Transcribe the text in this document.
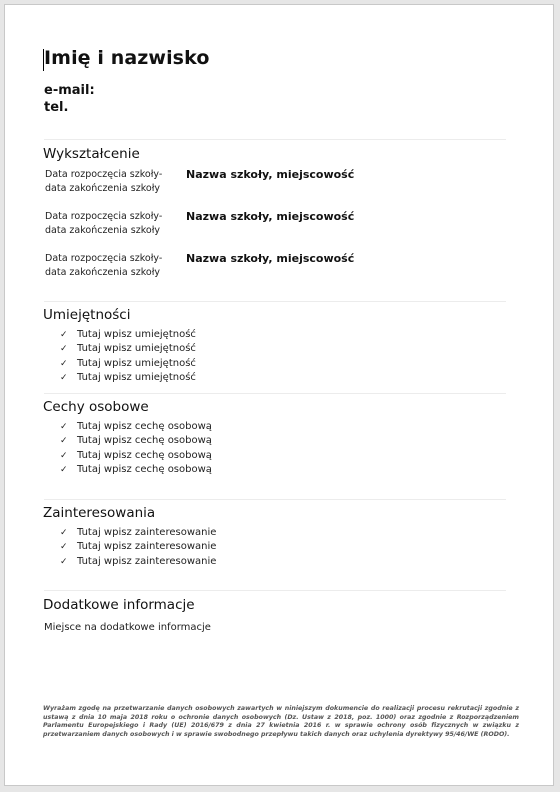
Imię i nazwisko
e-mail:
tel.
Wykształcenie
Data rozpoczęcia szkoły-
data zakończenia szkoły
Nazwa szkoły, miejscowość
Data rozpoczęcia szkoły-
data zakończenia szkoły
Nazwa szkoły, miejscowość
Data rozpoczęcia szkoły-
data zakończenia szkoły
Nazwa szkoły, miejscowość
Umiejętności
✓ Tutaj wpisz umiejętność
✓ Tutaj wpisz umiejętność
✓ Tutaj wpisz umiejętność
✓ Tutaj wpisz umiejętność
Cechy osobowe
✓ Tutaj wpisz cechę osobową
✓ Tutaj wpisz cechę osobową
✓ Tutaj wpisz cechę osobową
✓ Tutaj wpisz cechę osobową
Zainteresowania
✓ Tutaj wpisz zainteresowanie
✓ Tutaj wpisz zainteresowanie
✓ Tutaj wpisz zainteresowanie
Dodatkowe informacje
Miejsce na dodatkowe informacje
Wyrażam zgodę na przetwarzanie danych osobowych zawartych w niniejszym dokumencie do realizacji procesu rekrutacji zgodnie z ustawą z dnia 10 maja 2018 roku o ochronie danych osobowych (Dz. Ustaw z 2018, poz. 1000) oraz zgodnie z Rozporządzeniem Parlamentu Europejskiego i Rady (UE) 2016/679 z dnia 27 kwietnia 2016 r. w sprawie ochrony osób fizycznych w związku z przetwarzaniem danych osobowych i w sprawie swobodnego przepływu takich danych oraz uchylenia dyrektywy 95/46/WE (RODO).
